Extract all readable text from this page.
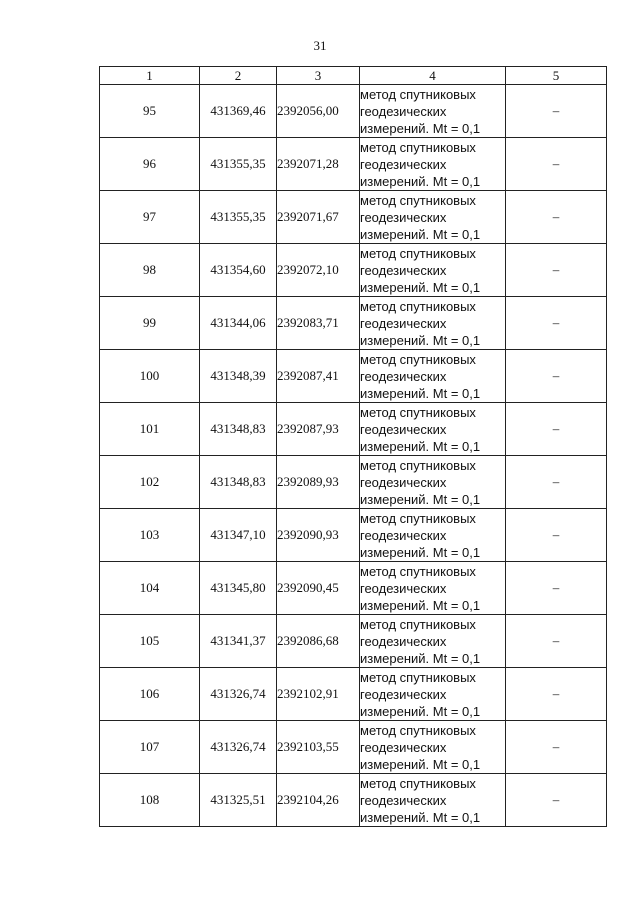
31
1	2	3	4	5
95	431369,46	2392056,00	метод спутниковых геодезических измерений. Mt = 0,1	–
96	431355,35	2392071,28	метод спутниковых геодезических измерений. Mt = 0,1	–
97	431355,35	2392071,67	метод спутниковых геодезических измерений. Mt = 0,1	–
98	431354,60	2392072,10	метод спутниковых геодезических измерений. Mt = 0,1	–
99	431344,06	2392083,71	метод спутниковых геодезических измерений. Mt = 0,1	–
100	431348,39	2392087,41	метод спутниковых геодезических измерений. Mt = 0,1	–
101	431348,83	2392087,93	метод спутниковых геодезических измерений. Mt = 0,1	–
102	431348,83	2392089,93	метод спутниковых геодезических измерений. Mt = 0,1	–
103	431347,10	2392090,93	метод спутниковых геодезических измерений. Mt = 0,1	–
104	431345,80	2392090,45	метод спутниковых геодезических измерений. Mt = 0,1	–
105	431341,37	2392086,68	метод спутниковых геодезических измерений. Mt = 0,1	–
106	431326,74	2392102,91	метод спутниковых геодезических измерений. Mt = 0,1	–
107	431326,74	2392103,55	метод спутниковых геодезических измерений. Mt = 0,1	–
108	431325,51	2392104,26	метод спутниковых геодезических измерений. Mt = 0,1	–
